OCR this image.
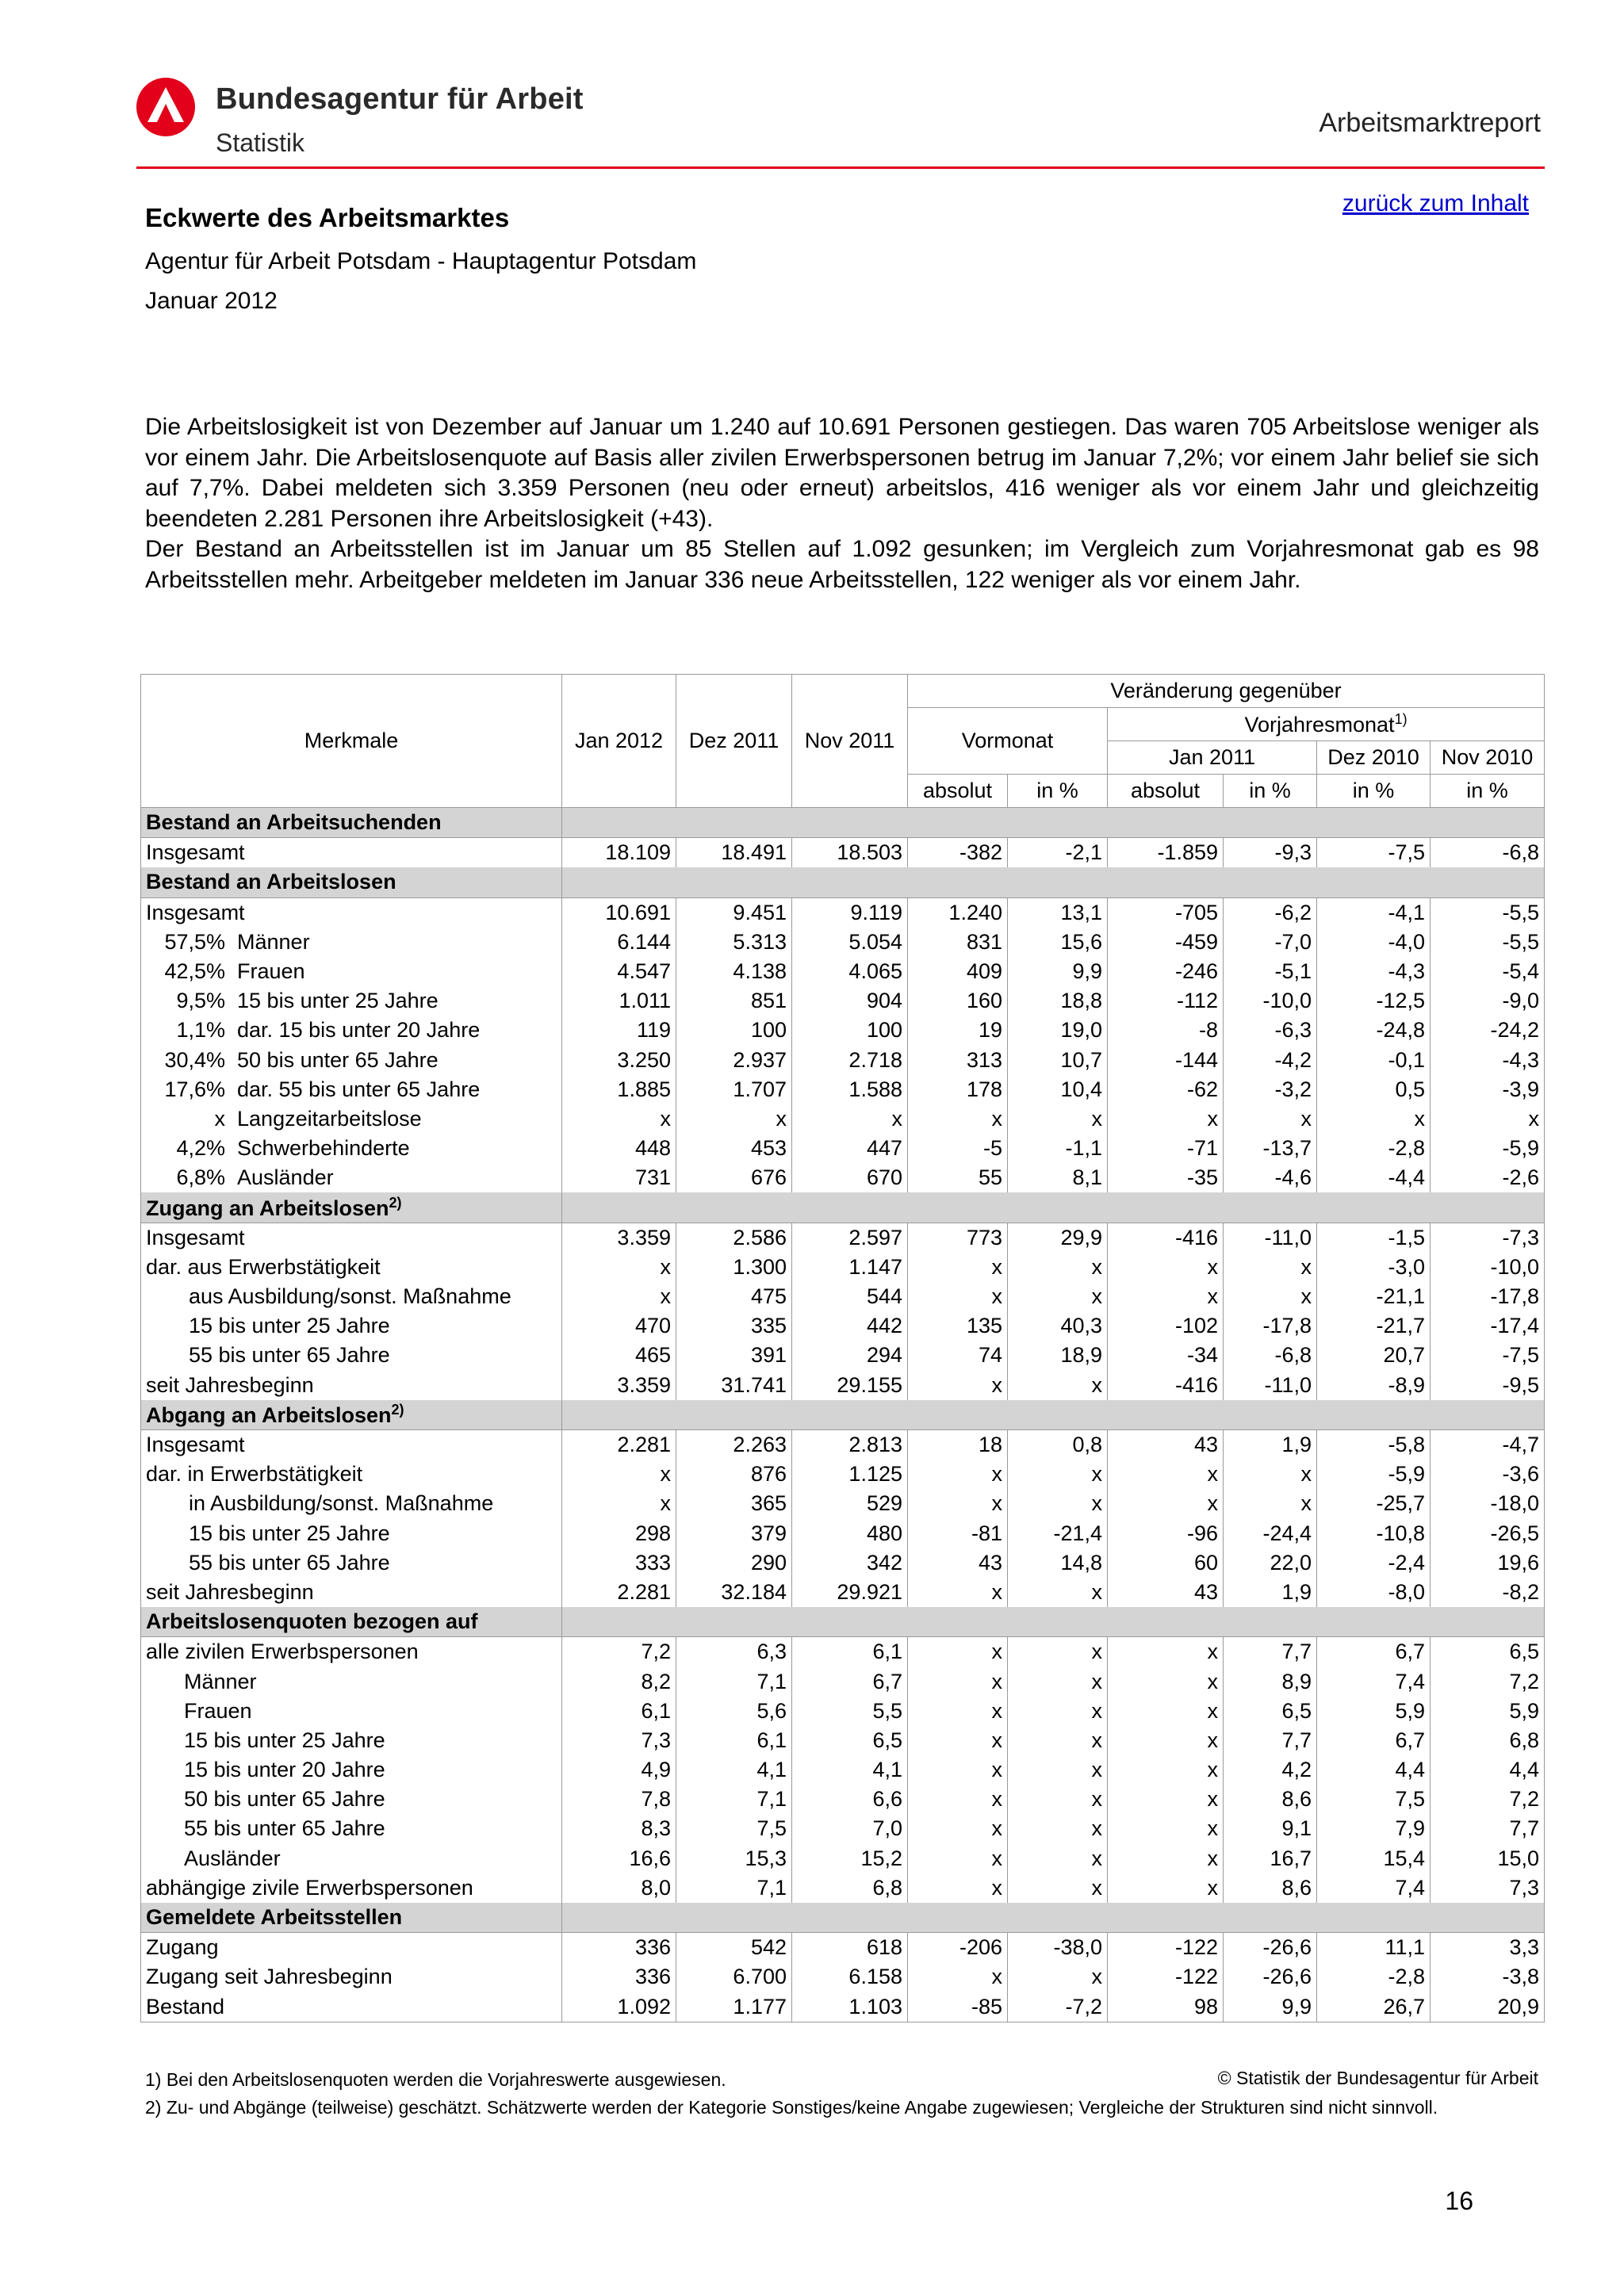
Bundesagentur für Arbeit
Statistik
Arbeitsmarktreport
zurück zum Inhalt
Eckwerte des Arbeitsmarktes
Agentur für Arbeit Potsdam - Hauptagentur Potsdam
Januar 2012

Die Arbeitslosigkeit ist von Dezember auf Januar um 1.240 auf 10.691 Personen gestiegen. Das waren 705 Arbeitslose weniger als vor einem Jahr. Die Arbeitslosenquote auf Basis aller zivilen Erwerbspersonen betrug im Januar 7,2%; vor einem Jahr belief sie sich auf 7,7%. Dabei meldeten sich 3.359 Personen (neu oder erneut) arbeitslos, 416 weniger als vor einem Jahr und gleichzeitig beendeten 2.281 Personen ihre Arbeitslosigkeit (+43).

Der Bestand an Arbeitsstellen ist im Januar um 85 Stellen auf 1.092 gesunken; im Vergleich zum Vorjahresmonat gab es 98 Arbeitsstellen mehr. Arbeitgeber meldeten im Januar 336 neue Arbeitsstellen, 122 weniger als vor einem Jahr.

Merkmale	Jan 2012	Dez 2011	Nov 2011	Veränderung gegenüber					
				Vormonat		Vorjahresmonat$^{1)}$
						Jan 2011		Dez 2010	Nov 2010
				absolut	in %	absolut	in %	in %	in %
Bestand an Arbeitsuchenden									
Insgesamt	18.109	18.491	18.503	-382	-2,1	-1.859	-9,3	-7,5	-6,8
Bestand an Arbeitslosen									
Insgesamt	10.691	9.451	9.119	1.240	13,1	-705	-6,2	-4,1	-5,5
57,5% Männer	6.144	5.313	5.054	831	15,6	-459	-7,0	-4,0	-5,5
42,5% Frauen	4.547	4.138	4.065	409	9,9	-246	-5,1	-4,3	-5,4
9,5% 15 bis unter 25 Jahre	1.011	851	904	160	18,8	-112	-10,0	-12,5	-9,0
1,1% dar. 15 bis unter 20 Jahre	119	100	100	19	19,0	-8	-6,3	-24,8	-24,2
30,4% 50 bis unter 65 Jahre	3.250	2.937	2.718	313	10,7	-144	-4,2	-0,1	-4,3
17,6% dar. 55 bis unter 65 Jahre	1.885	1.707	1.588	178	10,4	-62	-3,2	0,5	-3,9
x Langzeitarbeitslose	x	x	x	x	x	x	x	x	x
4,2% Schwerbehinderte	448	453	447	-5	-1,1	-71	-13,7	-2,8	-5,9
6,8% Ausländer	731	676	670	55	8,1	-35	-4,6	-4,4	-2,6
Zugang an Arbeitslosen$^{2)}$	
Insgesamt	3.359	2.586	2.597	773	29,9	-416	-11,0	-1,5	-7,3
dar. aus Erwerbstätigkeit	x	1.300	1.147	x	x	x	x	-3,0	-10,0
aus Ausbildung/sonst. Maßnahme	x	475	544	x	x	x	x	-21,1	-17,8
15 bis unter 25 Jahre	470	335	442	135	40,3	-102	-17,8	-21,7	-17,4
55 bis unter 65 Jahre	465	391	294	74	18,9	-34	-6,8	20,7	-7,5
seit Jahresbeginn	3.359	31.741	29.155	x	x	-416	-11,0	-8,9	-9,5
Abgang an Arbeitslosen$^{2)}$	
Insgesamt	2.281	2.263	2.813	18	0,8	43	1,9	-5,8	-4,7
dar. in Erwerbstätigkeit	x	876	1.125	x	x	x	x	-5,9	-3,6
in Ausbildung/sonst. Maßnahme	x	365	529	x	x	x	x	-25,7	-18,0
15 bis unter 25 Jahre	298	379	480	-81	-21,4	-96	-24,4	-10,8	-26,5
55 bis unter 65 Jahre	333	290	342	43	14,8	60	22,0	-2,4	19,6
seit Jahresbeginn	2.281	32.184	29.921	x	x	43	1,9	-8,0	-8,2
Arbeitslosenquoten bezogen auf									
alle zivilen Erwerbspersonen	7,2	6,3	6,1	x	x	x	7,7	6,7	6,5
Männer	8,2	7,1	6,7	x	x	x	8,9	7,4	7,2
Frauen	6,1	5,6	5,5	x	x	x	6,5	5,9	5,9
15 bis unter 25 Jahre	7,3	6,1	6,5	x	x	x	7,7	6,7	6,8
15 bis unter 20 Jahre	4,9	4,1	4,1	x	x	x	4,2	4,4	4,4
50 bis unter 65 Jahre	7,8	7,1	6,6	x	x	x	8,6	7,5	7,2
55 bis unter 65 Jahre	8,3	7,5	7,0	x	x	x	9,1	7,9	7,7
Ausländer	16,6	15,3	15,2	x	x	x	16,7	15,4	15,0
abhängige zivile Erwerbspersonen	8,0	7,1	6,8	x	x	x	8,6	7,4	7,3
Gemeldete Arbeitsstellen									
Zugang	336	542	618	-206	-38,0	-122	-26,6	11,1	3,3
Zugang seit Jahresbeginn	336	6.700	6.158	x	x	-122	-26,6	-2,8	-3,8
Bestand	1.092	1.177	1.103	-85	-7,2	98	9,9	26,7	20,9
1) Bei den Arbeitslosenquoten werden die Vorjahreswerte ausgewiesen.	© Statistik der Bundesagentur für Arbeit
2) Zu- und Abgänge (teilweise) geschätzt. Schätzwerte werden der Kategorie Sonstiges/keine Angabe zugewiesen; Vergleiche der Strukturen sind nicht sinnvoll.
16
